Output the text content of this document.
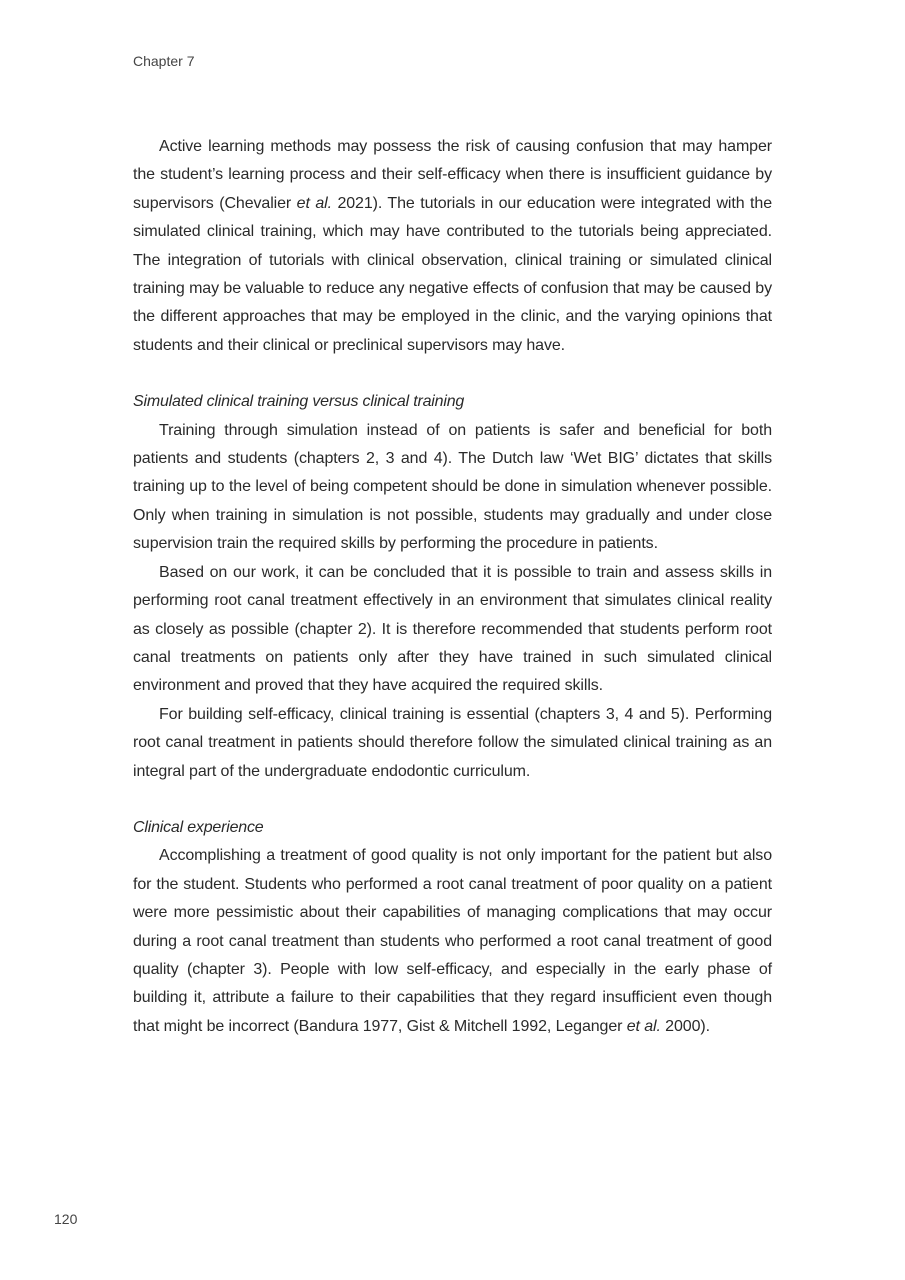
Chapter 7

Active learning methods may possess the risk of causing confusion that may hamper the student’s learning process and their self-efficacy when there is insufficient guidance by supervisors (Chevalier et al. 2021). The tutorials in our education were integrated with the simulated clinical training, which may have contributed to the tutorials being appreciated. The integration of tutorials with clinical observation, clinical training or simulated clinical training may be valuable to reduce any negative effects of confusion that may be caused by the different approaches that may be employed in the clinic, and the varying opinions that students and their clinical or preclinical supervisors may have.

Simulated clinical training versus clinical training

Training through simulation instead of on patients is safer and beneficial for both patients and students (chapters 2, 3 and 4). The Dutch law ‘Wet BIG’ dictates that skills training up to the level of being competent should be done in simulation whenever possible. Only when training in simulation is not possible, students may gradually and under close supervision train the required skills by performing the procedure in patients.

Based on our work, it can be concluded that it is possible to train and assess skills in performing root canal treatment effectively in an environment that simulates clinical reality as closely as possible (chapter 2). It is therefore recommended that students perform root canal treatments on patients only after they have trained in such simulated clinical environment and proved that they have acquired the required skills.

For building self-efficacy, clinical training is essential (chapters 3, 4 and 5). Performing root canal treatment in patients should therefore follow the simulated clinical training as an integral part of the undergraduate endodontic curriculum.

Clinical experience

Accomplishing a treatment of good quality is not only important for the patient but also for the student. Students who performed a root canal treatment of poor quality on a patient were more pessimistic about their capabilities of managing complications that may occur during a root canal treatment than students who performed a root canal treatment of good quality (chapter 3). People with low self-efficacy, and especially in the early phase of building it, attribute a failure to their capabilities that they regard insufficient even though that might be incorrect (Bandura 1977, Gist & Mitchell 1992, Leganger et al. 2000).

120
